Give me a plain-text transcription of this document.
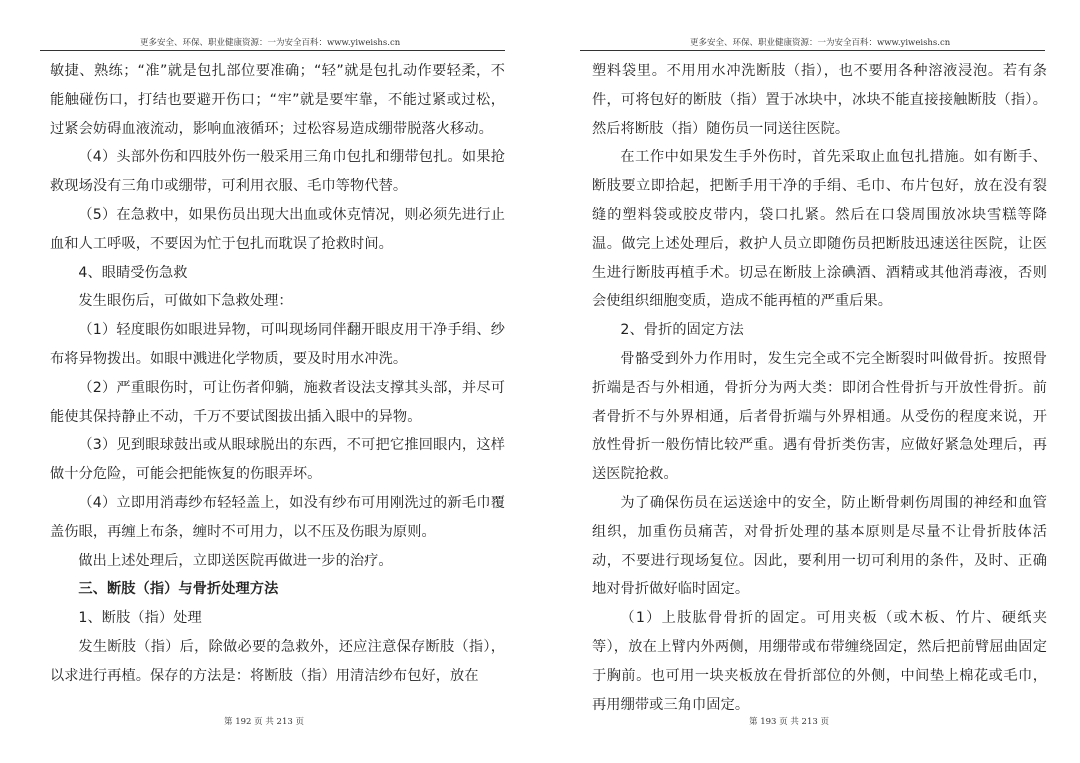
更多安全、环保、职业健康资源：一为安全百科：www.yiweishs.cn

敏捷、熟练；“准”就是包扎部位要准确；“轻”就是包扎动作要轻柔，不能触碰伤口，打结也要避开伤口；“牢”就是要牢靠，不能过紧或过松，过紧会妨碍血液流动，影响血液循环；过松容易造成绷带脱落火移动。

（4）头部外伤和四肢外伤一般采用三角巾包扎和绷带包扎。如果抢救现场没有三角巾或绷带，可利用衣服、毛巾等物代替。

（5）在急救中，如果伤员出现大出血或休克情况，则必须先进行止血和人工呼吸，不要因为忙于包扎而耽误了抢救时间。

4、眼睛受伤急救

发生眼伤后，可做如下急救处理：

（1）轻度眼伤如眼进异物，可叫现场同伴翻开眼皮用干净手绢、纱布将异物拨出。如眼中溅进化学物质，要及时用水冲洗。

（2）严重眼伤时，可让伤者仰躺，施救者设法支撑其头部，并尽可能使其保持静止不动，千万不要试图拔出插入眼中的异物。

（3）见到眼球鼓出或从眼球脱出的东西，不可把它推回眼内，这样做十分危险，可能会把能恢复的伤眼弄坏。

（4）立即用消毒纱布轻轻盖上，如没有纱布可用刚洗过的新毛巾覆盖伤眼，再缠上布条，缠时不可用力，以不压及伤眼为原则。

做出上述处理后，立即送医院再做进一步的治疗。

三、断肢（指）与骨折处理方法

1、断肢（指）处理

发生断肢（指）后，除做必要的急救外，还应注意保存断肢（指），以求进行再植。保存的方法是：将断肢（指）用清洁纱布包好，放在

第 192 页 共 213 页
更多安全、环保、职业健康资源：一为安全百科：www.yiweishs.cn

塑料袋里。不用用水冲洗断肢（指），也不要用各种溶液浸泡。若有条件，可将包好的断肢（指）置于冰块中，冰块不能直接接触断肢（指）。然后将断肢（指）随伤员一同送往医院。

在工作中如果发生手外伤时，首先采取止血包扎措施。如有断手、断肢要立即拾起，把断手用干净的手绢、毛巾、布片包好，放在没有裂缝的塑料袋或胶皮带内，袋口扎紧。然后在口袋周围放冰块雪糕等降温。做完上述处理后，救护人员立即随伤员把断肢迅速送往医院，让医生进行断肢再植手术。切忌在断肢上涂碘酒、酒精或其他消毒液，否则会使组织细胞变质，造成不能再植的严重后果。

2、骨折的固定方法

骨骼受到外力作用时，发生完全或不完全断裂时叫做骨折。按照骨折端是否与外相通，骨折分为两大类：即闭合性骨折与开放性骨折。前者骨折不与外界相通，后者骨折端与外界相通。从受伤的程度来说，开放性骨折一般伤情比较严重。遇有骨折类伤害，应做好紧急处理后，再送医院抢救。

为了确保伤员在运送途中的安全，防止断骨刺伤周围的神经和血管组织，加重伤员痛苦，对骨折处理的基本原则是尽量不让骨折肢体活动，不要进行现场复位。因此，要利用一切可利用的条件，及时、正确地对骨折做好临时固定。

（1）上肢肱骨骨折的固定。可用夹板（或木板、竹片、硬纸夹等），放在上臂内外两侧，用绷带或布带缠绕固定，然后把前臂屈曲固定于胸前。也可用一块夹板放在骨折部位的外侧，中间垫上棉花或毛巾，再用绷带或三角巾固定。

第 193 页 共 213 页
